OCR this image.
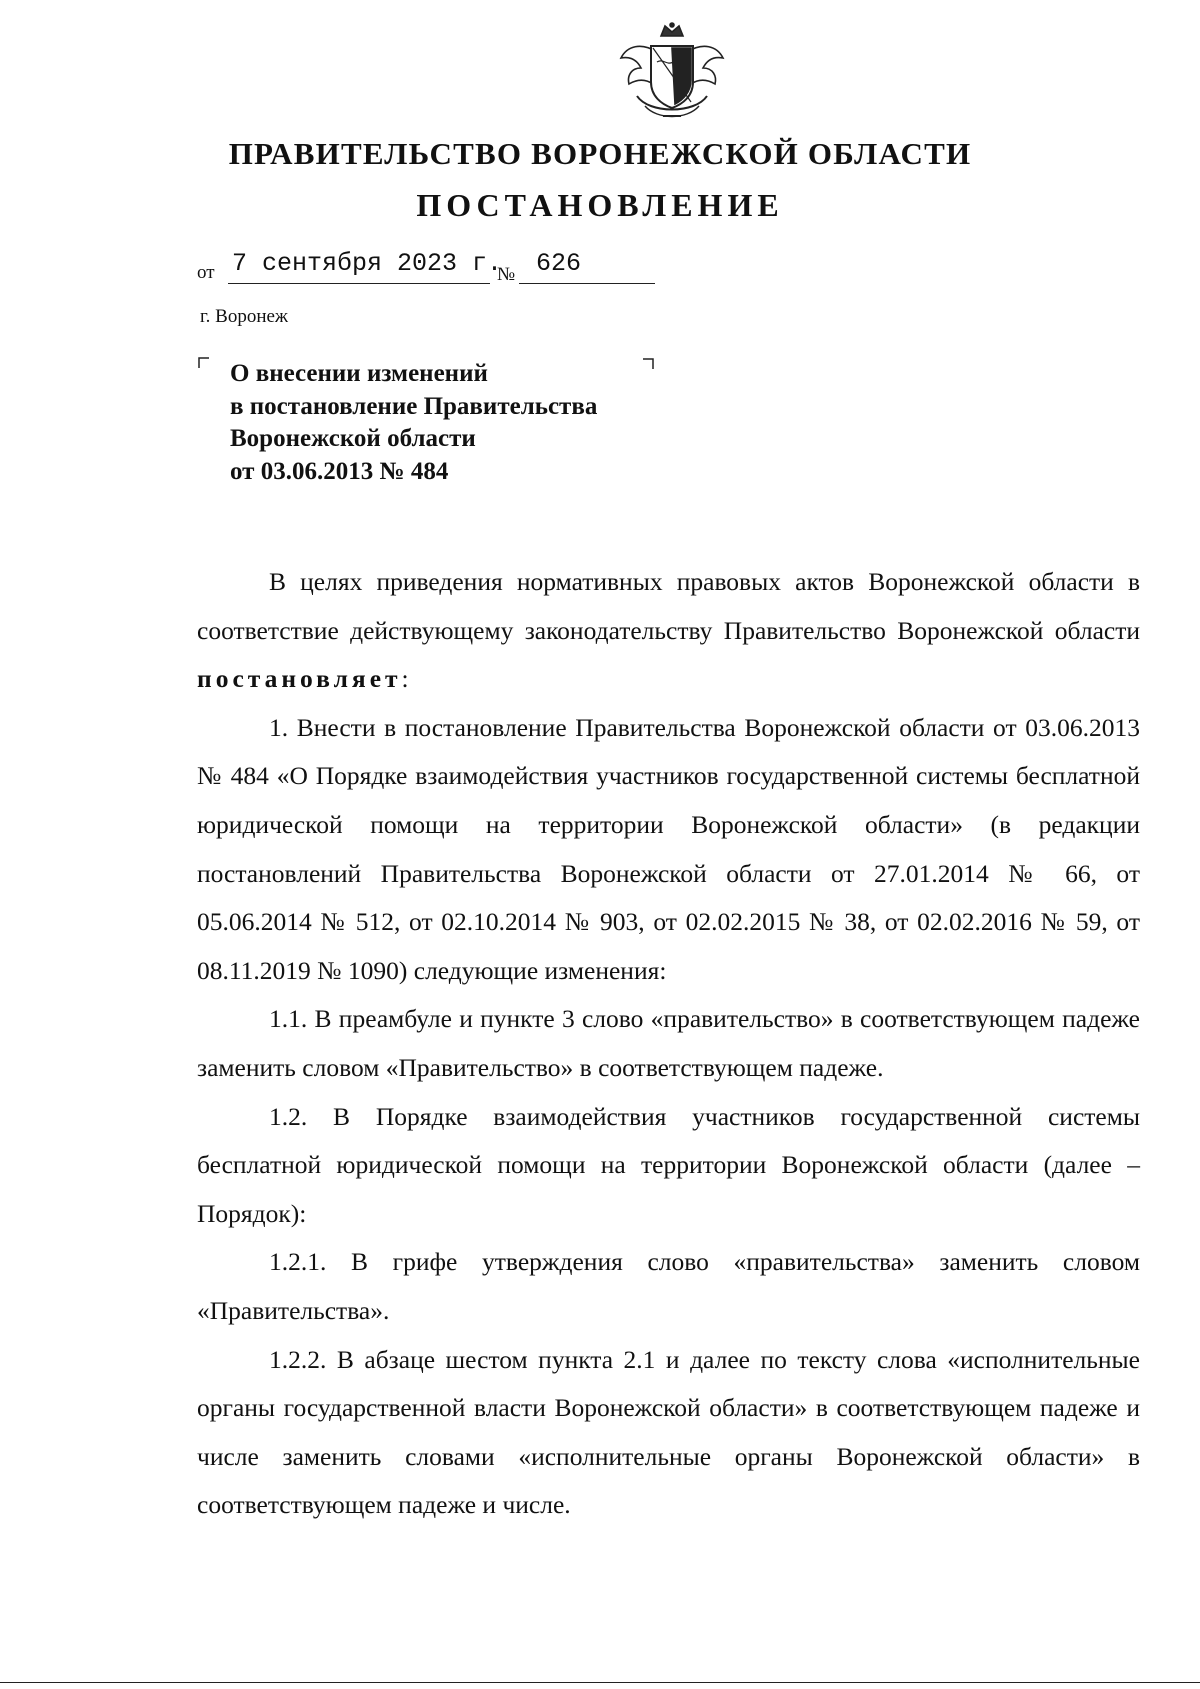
ПРАВИТЕЛЬСТВО ВОРОНЕЖСКОЙ ОБЛАСТИ
ПОСТАНОВЛЕНИЕ
от 7 сентября 2023 г.
№ 626
г. Воронеж
О внесении изменений
в постановление Правительства
Воронежской области
от 03.06.2013 № 484

В целях приведения нормативных правовых актов Воронежской области в соответствие действующему законодательству Правительство Воронежской области постановляет:

1. Внести в постановление Правительства Воронежской области от 03.06.2013 № 484 «О Порядке взаимодействия участников государственной системы бесплатной юридической помощи на территории Воронежской области» (в редакции постановлений Правительства Воронежской области от 27.01.2014 № 66, от 05.06.2014 № 512, от 02.10.2014 № 903, от 02.02.2015 № 38, от 02.02.2016 № 59, от 08.11.2019 № 1090) следующие изменения:

1.1. В преамбуле и пункте 3 слово «правительство» в соответствующем падеже заменить словом «Правительство» в соответствующем падеже.

1.2. В Порядке взаимодействия участников государственной системы бесплатной юридической помощи на территории Воронежской области (далее – Порядок):

1.2.1. В грифе утверждения слово «правительства» заменить словом «Правительства».

1.2.2. В абзаце шестом пункта 2.1 и далее по тексту слова «исполнительные органы государственной власти Воронежской области» в соответствующем падеже и числе заменить словами «исполнительные органы Воронежской области» в соответствующем падеже и числе.
